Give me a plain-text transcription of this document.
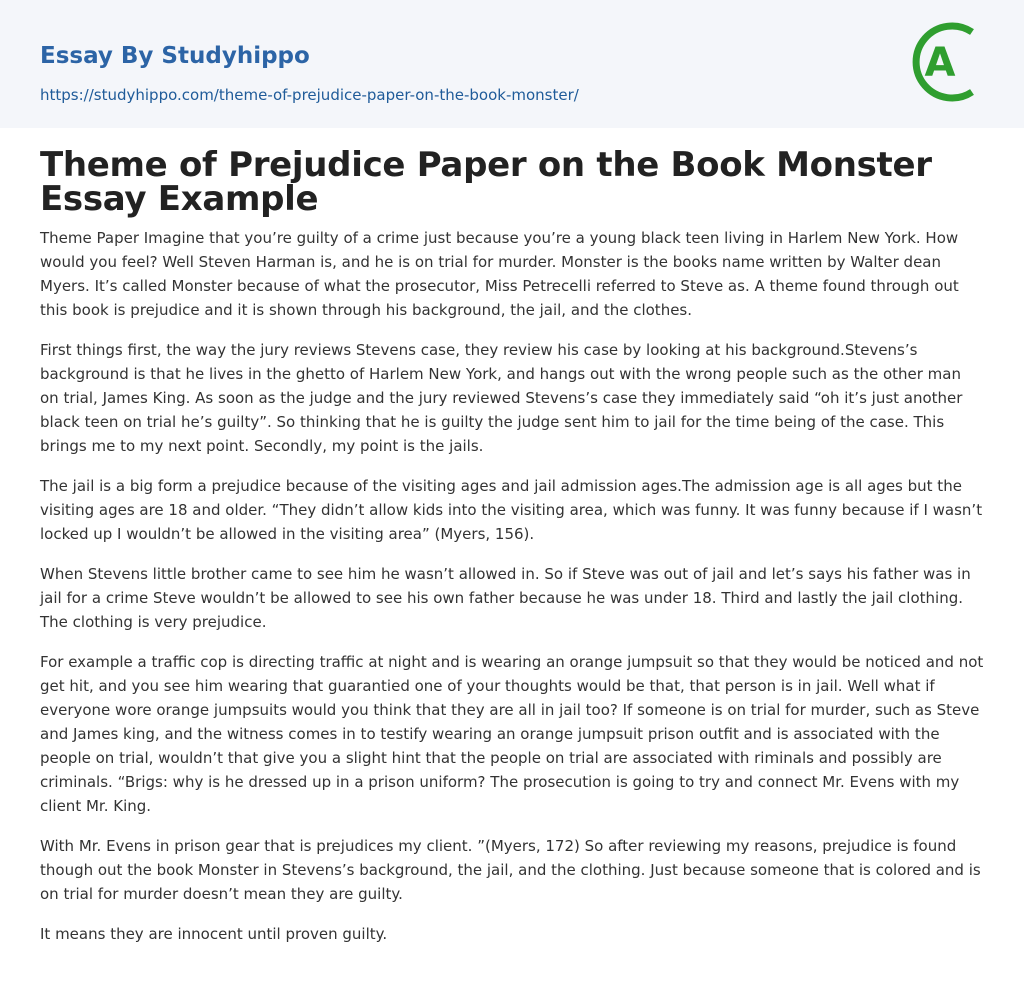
Essay By Studyhippo
https://studyhippo.com/theme-of-prejudice-paper-on-the-book-monster/
A
Theme of Prejudice Paper on the Book Monster Essay Example

Theme Paper Imagine that you’re guilty of a crime just because you’re a young black teen living in Harlem New York. How would you feel? Well Steven Harman is, and he is on trial for murder. Monster is the books name written by Walter dean Myers. It’s called Monster because of what the prosecutor, Miss Petrecelli referred to Steve as. A theme found through out this book is prejudice and it is shown through his background, the jail, and the clothes.

First things first, the way the jury reviews Stevens case, they review his case by looking at his background.Stevens’s background is that he lives in the ghetto of Harlem New York, and hangs out with the wrong people such as the other man on trial, James King. As soon as the judge and the jury reviewed Stevens’s case they immediately said “oh it’s just another black teen on trial he’s guilty”. So thinking that he is guilty the judge sent him to jail for the time being of the case. This brings me to my next point. Secondly, my point is the jails.

The jail is a big form a prejudice because of the visiting ages and jail admission ages.The admission age is all ages but the visiting ages are 18 and older. “They didn’t allow kids into the visiting area, which was funny. It was funny because if I wasn’t locked up I wouldn’t be allowed in the visiting area” (Myers, 156).

When Stevens little brother came to see him he wasn’t allowed in. So if Steve was out of jail and let’s says his father was in jail for a crime Steve wouldn’t be allowed to see his own father because he was under 18. Third and lastly the jail clothing. The clothing is very prejudice.

For example a traffic cop is directing traffic at night and is wearing an orange jumpsuit so that they would be noticed and not get hit, and you see him wearing that guarantied one of your thoughts would be that, that person is in jail. Well what if everyone wore orange jumpsuits would you think that they are all in jail too? If someone is on trial for murder, such as Steve and James king, and the witness comes in to testify wearing an orange jumpsuit prison outfit and is associated with the people on trial, wouldn’t that give you a slight hint that the people on trial are associated with riminals and possibly are criminals. “Brigs: why is he dressed up in a prison uniform? The prosecution is going to try and connect Mr. Evens with my client Mr. King.

With Mr. Evens in prison gear that is prejudices my client. ”(Myers, 172) So after reviewing my reasons, prejudice is found though out the book Monster in Stevens’s background, the jail, and the clothing. Just because someone that is colored and is on trial for murder doesn’t mean they are guilty.

It means they are innocent until proven guilty.
